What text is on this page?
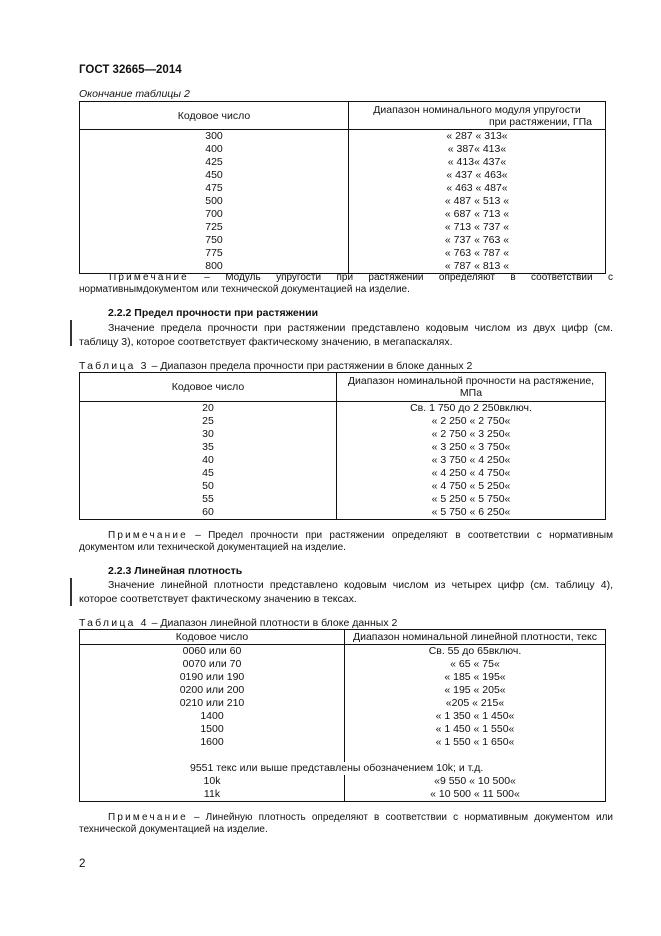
ГОСТ 32665—2014
Окончание таблицы 2
Кодовое число	Диапазон номинального модуля упругости
при растяжении, ГПа

300	« 287 « 313«
400	« 387« 413«
425	« 413« 437«
450	« 437 « 463«
475	« 463 « 487«
500	« 487 « 513 «
700	« 687 « 713 «
725	« 713 « 737 «
750	« 737 « 763 «
775	« 763 « 787 «
800	« 787 « 813 «
Примечание – Модуль упругости при растяжении определяют в соответствии с нормативнымдокументом или технической документацией на изделие.
2.2.2 Предел прочности при растяжении
Значение предела прочности при растяжении представлено кодовым числом из двух цифр (см. таблицу 3), которое соответствует фактическому значению, в мегапаскалях.
Таблица 3 – Диапазон предела прочности при растяжении в блоке данных 2
Кодовое число	Диапазон номинальной прочности на растяжение,
МПа

20	Св. 1 750 до 2 250включ.
25	« 2 250 « 2 750«
30	« 2 750 « 3 250«
35	« 3 250 « 3 750«
40	« 3 750 « 4 250«
45	« 4 250 « 4 750«
50	« 4 750 « 5 250«
55	« 5 250 « 5 750«
60	« 5 750 « 6 250«
Примечание – Предел прочности при растяжении определяют в соответствии с нормативным документом или технической документацией на изделие.
2.2.3 Линейная плотность
Значение линейной плотности представлено кодовым числом из четырех цифр (см. таблицу 4), которое соответствует фактическому значению в тексах.
Таблица 4 – Диапазон линейной плотности в блоке данных 2
Кодовое число	Диапазон номинальной линейной плотности, текс
0060 или 60	Св. 55 до 65включ.
0070 или 70	« 65 « 75«
0190 или 190	« 185 « 195«
0200 или 200	« 195 « 205«
0210 или 210	«205 « 215«
1400	« 1 350 « 1 450«
1500	« 1 450 « 1 550«
1600	« 1 550 « 1 650«

9551 текс или выше представлены обозначением 10k; и т.д.	
10k	«9 550 « 10 500«
11k	« 10 500 « 11 500«
Примечание – Линейную плотность определяют в соответствии с нормативным документом или технической документацией на изделие.
2
